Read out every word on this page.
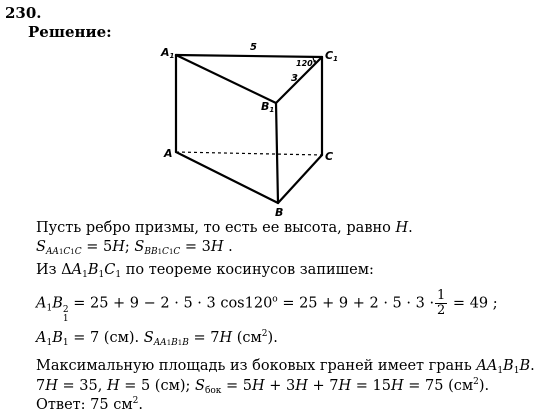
230.
Решение:
A1	C1
B1
A	C
B
5
3
120°
Пусть ребро призмы, то есть ее высота, равно H.
$S_{AA1C1C} = 5H$; $S_{BB1C1C} = 3H$ .
Из $\Delta A_1B_1C_1$ по теореме косинусов запишем:
$A_1B$ 2
1
= 25 + 9 − 2 · 5 · 3 $\cos 120^o = 25 + 9 + 2 \cdot 5 \cdot 3 \cdot \frac{1}{2} = 49$ ;
$A_1B_1 = 7$ (см). $S_{AA1B1B} = 7H$ $(см^2)$.
Максимальную площадь из боковых граней имеет грань $AA_1B_1B$.
7H = 35, H = 5 (см); $S_{бок} = 5H + 3H + 7H = 15H = 75$ $(см^2)$.
Ответ: 75 $см^2$.
